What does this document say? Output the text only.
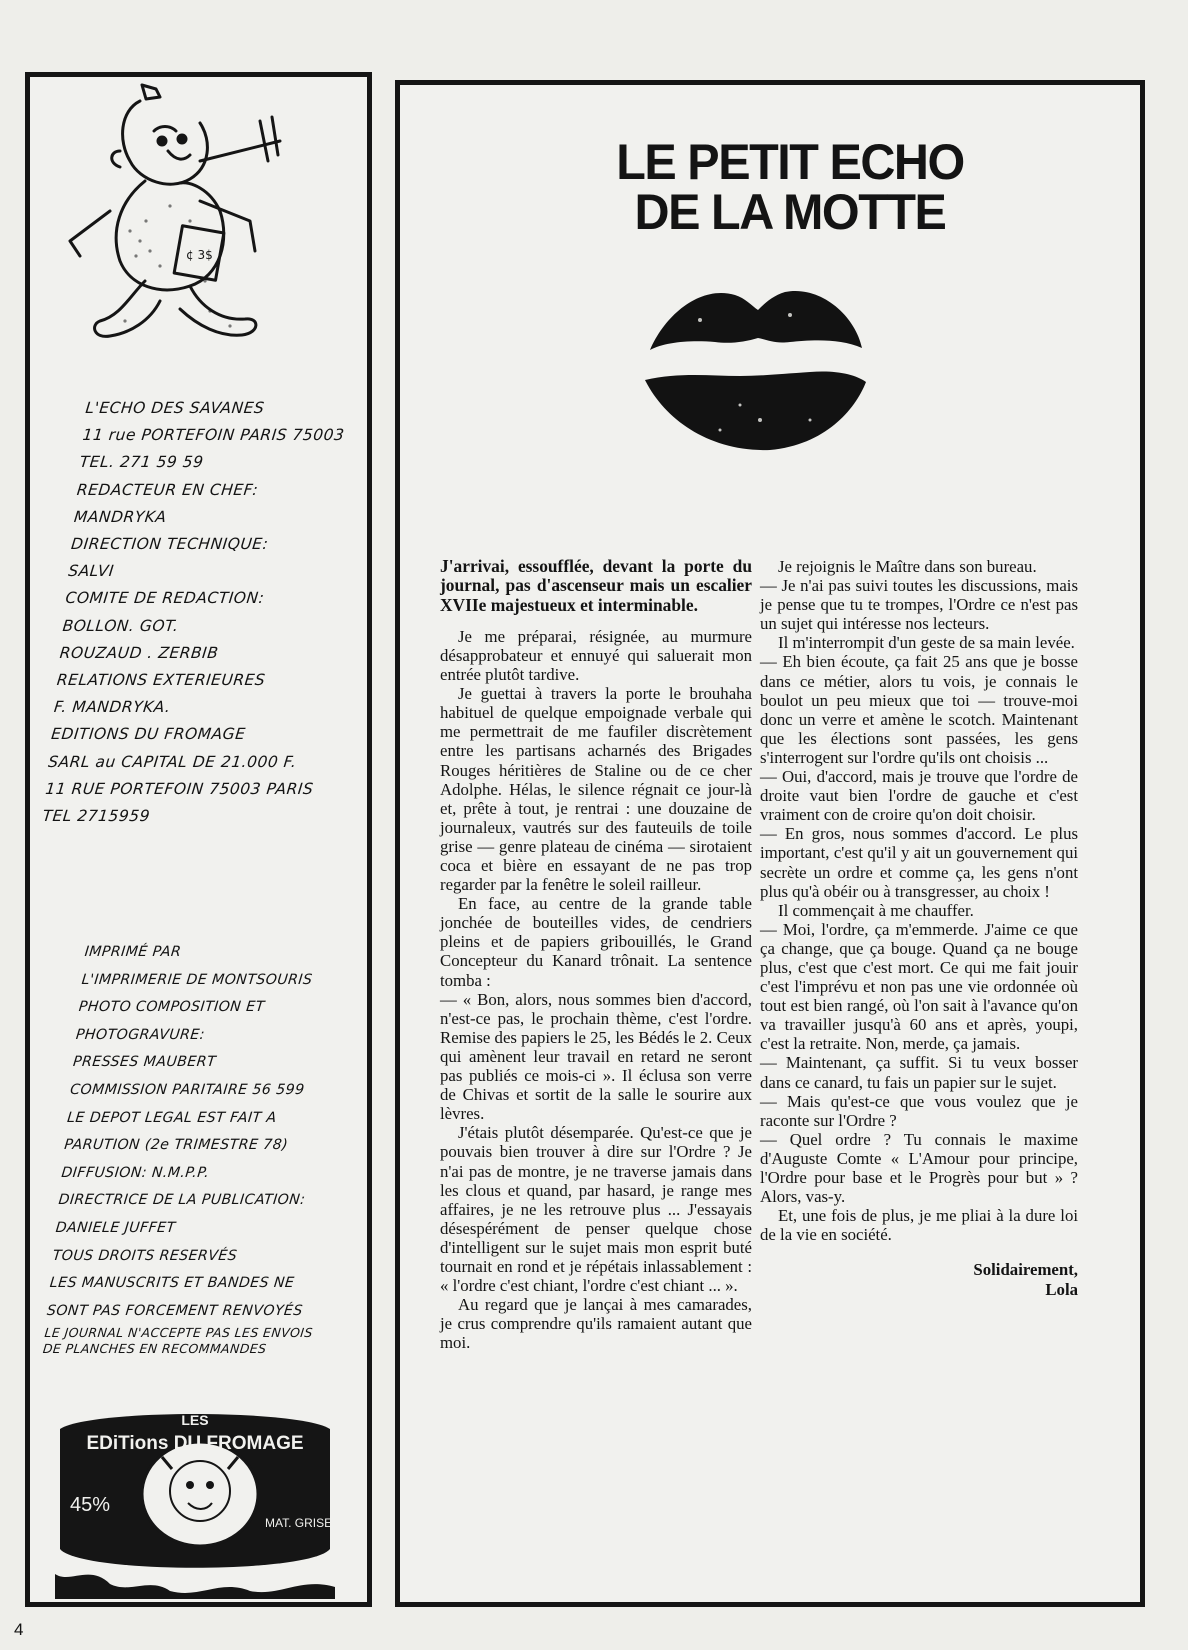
¢ 3$
L'ECHO DES SAVANES
11 rue PORTEFOIN PARIS 75003
TEL. 271 59 59
REDACTEUR EN CHEF:
MANDRYKA
DIRECTION TECHNIQUE:
SALVI
COMITE DE REDACTION:
BOLLON. GOT.
ROUZAUD . ZERBIB
RELATIONS EXTERIEURES
F. MANDRYKA.
EDITIONS DU FROMAGE
SARL au CAPITAL DE 21.000 F.
11 RUE PORTEFOIN 75003 PARIS
TEL 2715959
IMPRIMÉ PAR
L'IMPRIMERIE DE MONTSOURIS
PHOTO COMPOSITION ET
PHOTOGRAVURE:
PRESSES MAUBERT
COMMISSION PARITAIRE 56 599
LE DEPOT LEGAL EST FAIT A
PARUTION (2e TRIMESTRE 78)
DIFFUSION: N.M.P.P.
DIRECTRICE DE LA PUBLICATION:
DANIELE JUFFET
TOUS DROITS RESERVÉS
LES MANUSCRITS ET BANDES NE
SONT PAS FORCEMENT RENVOYÉS
LE JOURNAL N'ACCEPTE PAS LES ENVOIS
DE PLANCHES EN RECOMMANDES
LES
EDiTions DU FROMAGE
45%
MAT. GRISE
LE PETIT ECHO
DE LA MOTTE

J'arrivai, essoufflée, devant la porte du journal, pas d'ascenseur mais un escalier XVIIe majestueux et interminable.

Je me préparai, résignée, au murmure désapprobateur et ennuyé qui saluerait mon entrée plutôt tardive.

Je guettai à travers la porte le brouhaha habituel de quelque empoignade verbale qui me permettrait de me faufiler discrètement entre les partisans acharnés des Brigades Rouges héritières de Staline ou de ce cher Adolphe. Hélas, le silence régnait ce jour-là et, prête à tout, je rentrai : une douzaine de journaleux, vautrés sur des fauteuils de toile grise — genre plateau de cinéma — sirotaient coca et bière en essayant de ne pas trop regarder par la fenêtre le soleil railleur.

En face, au centre de la grande table jonchée de bouteilles vides, de cendriers pleins et de papiers gribouillés, le Grand Concepteur du Kanard trônait. La sentence tomba :

— « Bon, alors, nous sommes bien d'accord, n'est-ce pas, le prochain thème, c'est l'ordre. Remise des papiers le 25, les Bédés le 2. Ceux qui amènent leur travail en retard ne seront pas publiés ce mois-ci ». Il éclusa son verre de Chivas et sortit de la salle le sourire aux lèvres.

J'étais plutôt désemparée. Qu'est-ce que je pouvais bien trouver à dire sur l'Ordre ? Je n'ai pas de montre, je ne traverse jamais dans les clous et quand, par hasard, je range mes affaires, je ne les retrouve plus ... J'essayais désespérément de penser quelque chose d'intelligent sur le sujet mais mon esprit buté tournait en rond et je répétais inlassablement : « l'ordre c'est chiant, l'ordre c'est chiant ... ».

Au regard que je lançai à mes camarades, je crus comprendre qu'ils ramaient autant que moi.

Je rejoignis le Maître dans son bureau.

— Je n'ai pas suivi toutes les discussions, mais je pense que tu te trompes, l'Ordre ce n'est pas un sujet qui intéresse nos lecteurs.

Il m'interrompit d'un geste de sa main levée.

— Eh bien écoute, ça fait 25 ans que je bosse dans ce métier, alors tu vois, je connais le boulot un peu mieux que toi — trouve-moi donc un verre et amène le scotch. Maintenant que les élections sont passées, les gens s'interrogent sur l'ordre qu'ils ont choisis ...

— Oui, d'accord, mais je trouve que l'ordre de droite vaut bien l'ordre de gauche et c'est vraiment con de croire qu'on doit choisir.

— En gros, nous sommes d'accord. Le plus important, c'est qu'il y ait un gouvernement qui secrète un ordre et comme ça, les gens n'ont plus qu'à obéir ou à transgresser, au choix !

Il commençait à me chauffer.

— Moi, l'ordre, ça m'emmerde. J'aime ce que ça change, que ça bouge. Quand ça ne bouge plus, c'est que c'est mort. Ce qui me fait jouir c'est l'imprévu et non pas une vie ordonnée où tout est bien rangé, où l'on sait à l'avance qu'on va travailler jusqu'à 60 ans et après, youpi, c'est la retraite. Non, merde, ça jamais.

— Maintenant, ça suffit. Si tu veux bosser dans ce canard, tu fais un papier sur le sujet.

— Mais qu'est-ce que vous voulez que je raconte sur l'Ordre ?

— Quel ordre ? Tu connais le maxime d'Auguste Comte « L'Amour pour principe, l'Ordre pour base et le Progrès pour but » ? Alors, vas-y.

Et, une fois de plus, je me pliai à la dure loi de la vie en société.

Solidairement,
Lola
4
